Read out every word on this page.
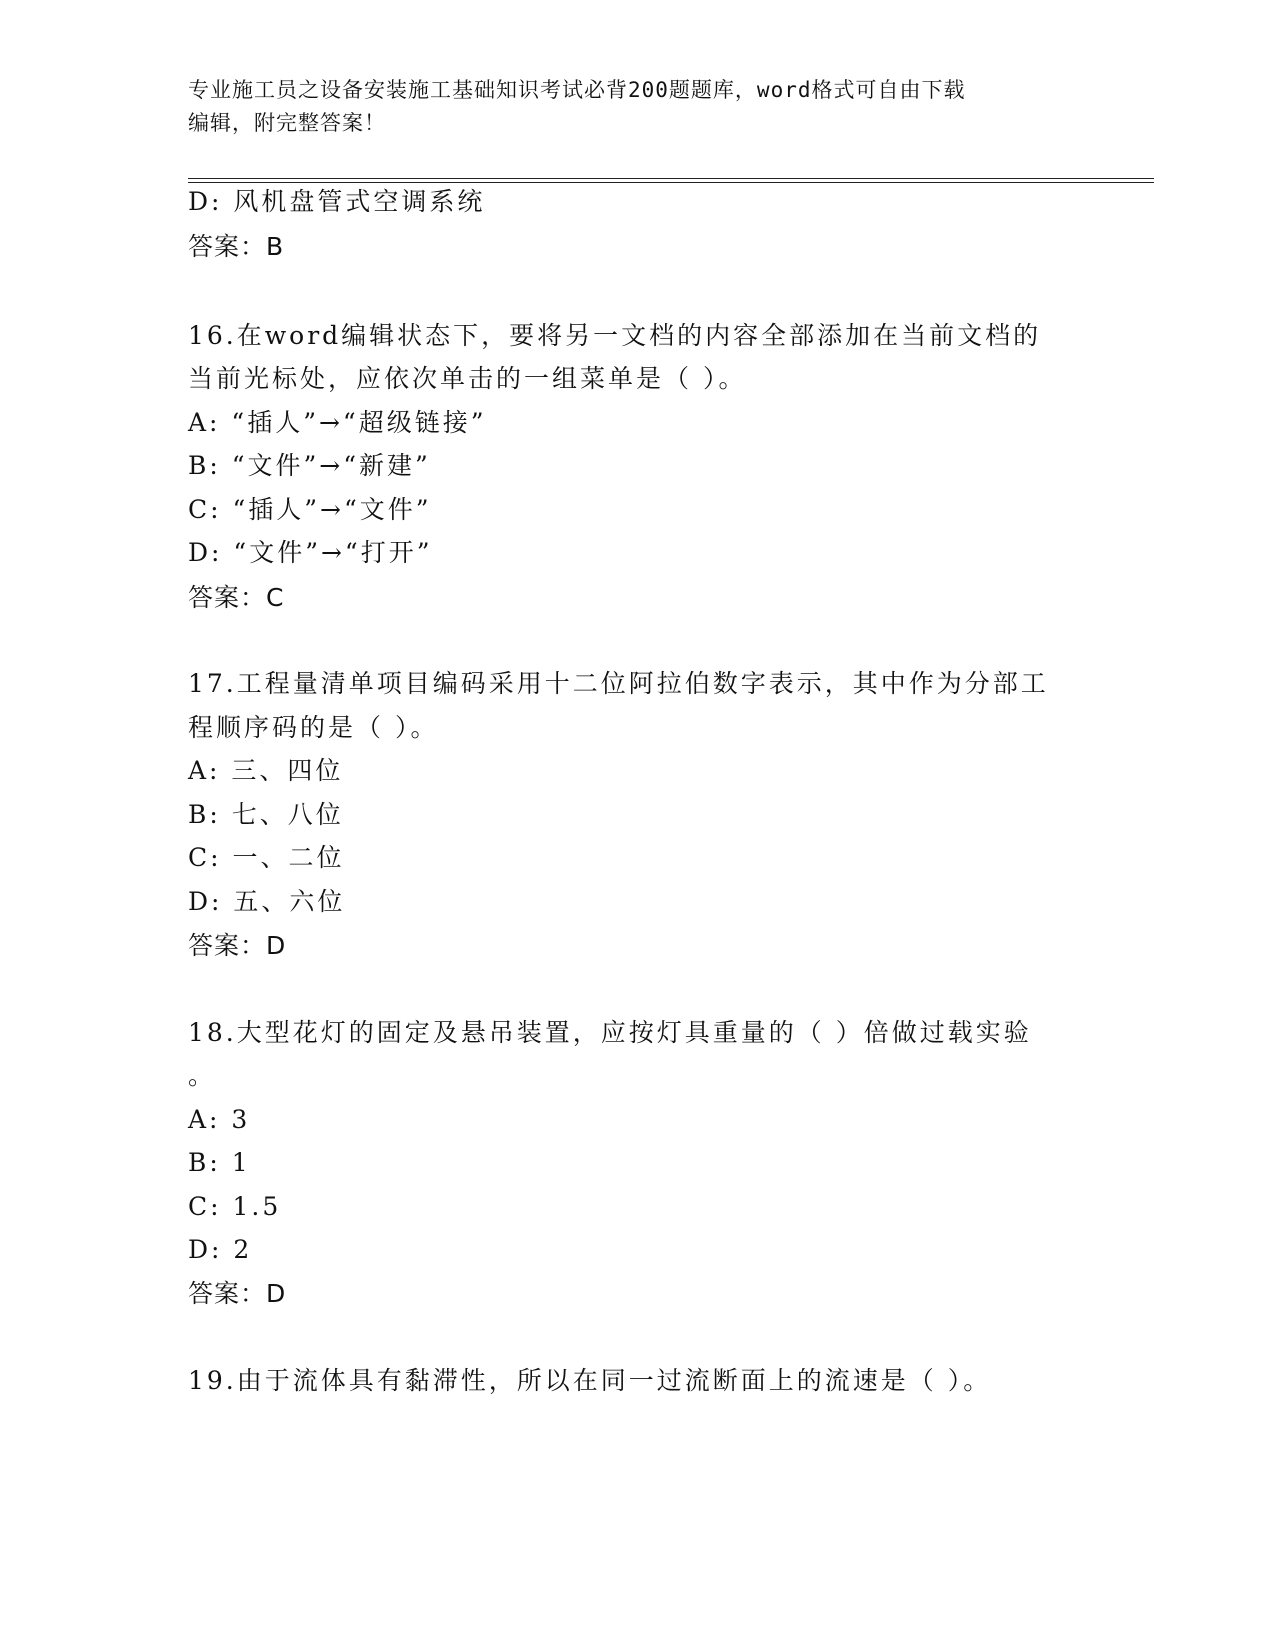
专业施工员之设备安装施工基础知识考试必背200题题库，word格式可自由下载
编辑，附完整答案！
D: 风机盘管式空调系统
答案：B
16.在word编辑状态下，要将另一文档的内容全部添加在当前文档的
当前光标处，应依次单击的一组菜单是（ ）。
A: “插人”→“超级链接”
B: “文件”→“新建”
C: “插人”→“文件”
D: “文件”→“打开”
答案：C
17.工程量清单项目编码采用十二位阿拉伯数字表示，其中作为分部工
程顺序码的是（ ）。
A: 三、四位
B: 七、八位
C: 一、二位
D: 五、六位
答案：D
18.大型花灯的固定及悬吊装置，应按灯具重量的（ ）倍做过载实验
。
A: 3
B: 1
C: 1.5
D: 2
答案：D
19.由于流体具有黏滞性，所以在同一过流断面上的流速是（ ）。
